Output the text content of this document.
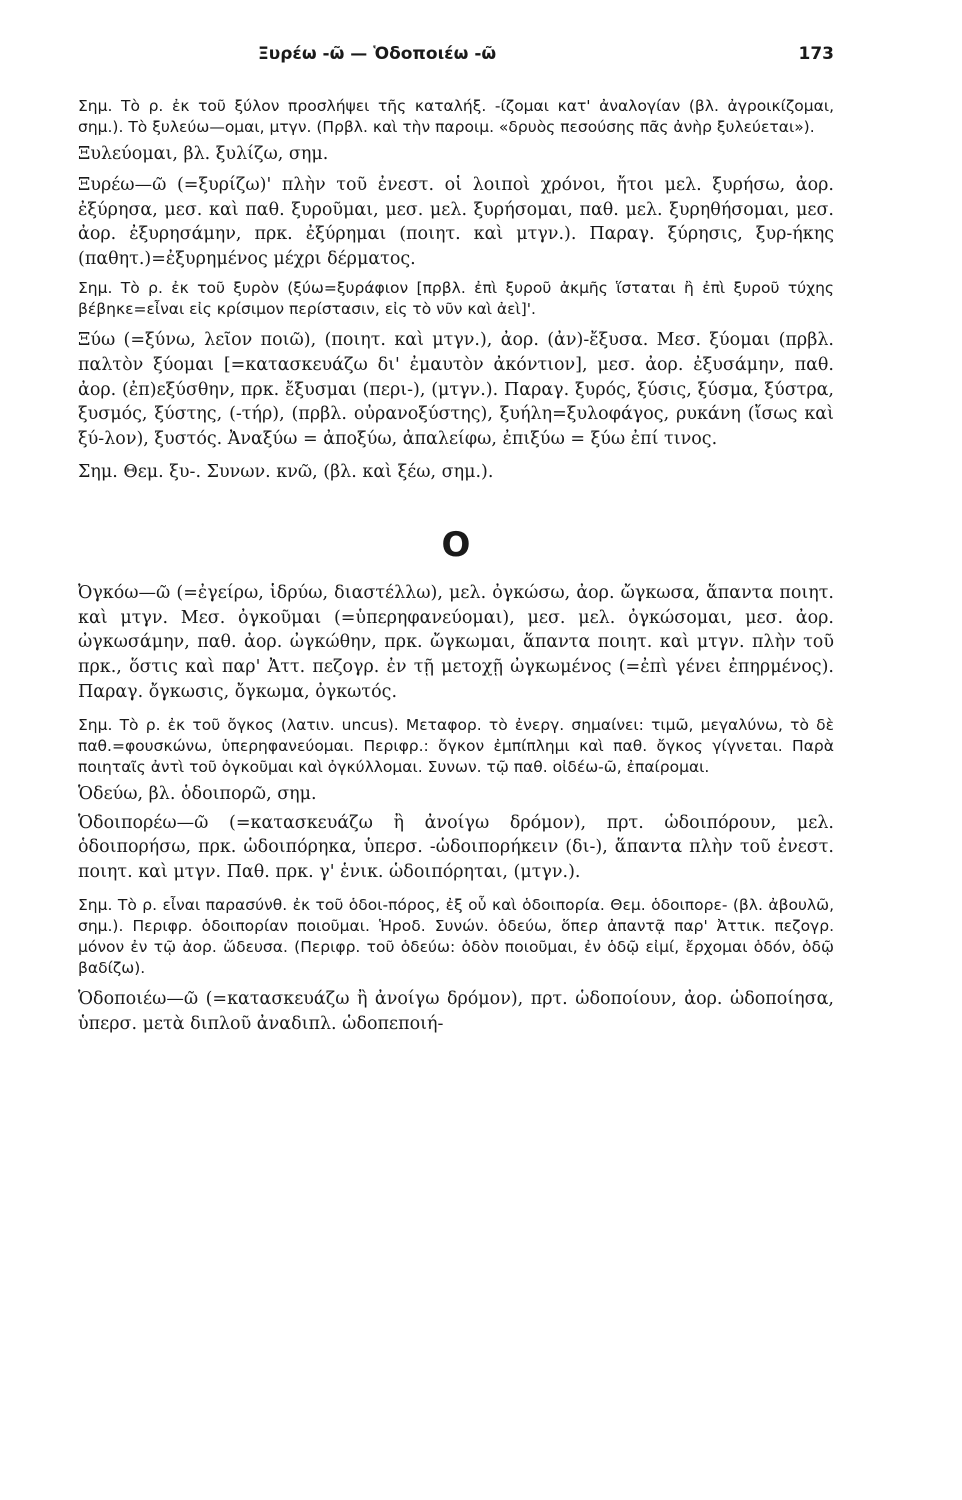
Ξυρέω -ῶ — Ὁδοποιέω -ῶ	173

Σημ. Τὸ ρ. ἐκ τοῦ ξύλον προσλήψει τῆς καταλήξ. -ίζομαι κατ' ἀναλογίαν (βλ. ἀγροικίζομαι, σημ.). Τὸ ξυλεύω—ομαι, μτγν. (Πρβλ. καὶ τὴν παροιμ. «δρυὸς πεσούσης πᾶς ἀνὴρ ξυλεύεται»).

Ξυλεύομαι, βλ. ξυλίζω, σημ.

Ξυρέω—ῶ (=ξυρίζω)' πλὴν τοῦ ἐνεστ. οἱ λοιποὶ χρόνοι, ἤτοι μελ. ξυρήσω, ἀορ. ἐξύρησα, μεσ. καὶ παθ. ξυροῦμαι, μεσ. μελ. ξυρήσομαι, παθ. μελ. ξυρηθήσομαι, μεσ. ἀορ. ἐξυρησάμην, πρκ. ἐξύρημαι (ποιητ. καὶ μτγν.). Παραγ. ξύρησις, ξυρ-ήκης (παθητ.)=ἐξυρημένος μέχρι δέρματος.

Σημ. Τὸ ρ. ἐκ τοῦ ξυρὸν (ξύω=ξυράφιον [πρβλ. ἐπὶ ξυροῦ ἀκμῆς ἵσταται ἢ ἐπὶ ξυροῦ τύχης βέβηκε=εἶναι εἰς κρίσιμον περίστασιν, εἰς τὸ νῦν καὶ ἀεὶ]'.

Ξύω (=ξύνω, λεῖον ποιῶ), (ποιητ. καὶ μτγν.), ἀορ. (ἀν)-ἔξυσα. Μεσ. ξύομαι (πρβλ. παλτὸν ξύομαι [=κατασκευάζω δι' ἐμαυτὸν ἀκόντιον], μεσ. ἀορ. ἐξυσάμην, παθ. ἀορ. (ἐπ)εξύσθην, πρκ. ἔξυσμαι (περι-), (μτγν.). Παραγ. ξυρός, ξύσις, ξύσμα, ξύστρα, ξυσμός, ξύστης, (-τήρ), (πρβλ. οὐρανοξύστης), ξυήλη=ξυλοφάγος, ρυκάνη (ἴσως καὶ ξύ-λον), ξυστός. Ἀναξύω = ἀποξύω, ἀπαλείφω, ἐπιξύω = ξύω ἐπί τινος.

Σημ. Θεμ. ξυ-. Συνων. κνῶ, (βλ. καὶ ξέω, σημ.).

Ο

Ὀγκόω—ῶ (=ἐγείρω, ἱδρύω, διαστέλλω), μελ. ὀγκώσω, ἀορ. ὤγκωσα, ἅπαντα ποιητ. καὶ μτγν. Μεσ. ὀγκοῦμαι (=ὑπερηφανεύομαι), μεσ. μελ. ὀγκώσομαι, μεσ. ἀορ. ὠγκωσάμην, παθ. ἀορ. ὠγκώθην, πρκ. ὤγκωμαι, ἅπαντα ποιητ. καὶ μτγν. πλὴν τοῦ πρκ., ὅστις καὶ παρ' Ἀττ. πεζογρ. ἐν τῇ μετοχῇ ὠγκωμένος (=ἐπὶ γένει ἐπηρμένος). Παραγ. ὄγκωσις, ὄγκωμα, ὀγκωτός.

Σημ. Τὸ ρ. ἐκ τοῦ ὄγκος (λατιν. uncus). Μεταφορ. τὸ ἐνεργ. σημαίνει: τιμῶ, μεγαλύνω, τὸ δὲ παθ.=φουσκώνω, ὑπερηφανεύομαι. Περιφρ.: ὄγκον ἐμπίπλημι καὶ παθ. ὄγκος γίγνεται. Παρὰ ποιηταῖς ἀντὶ τοῦ ὀγκοῦμαι καὶ ὀγκύλλομαι. Συνων. τῷ παθ. οἰδέω-ῶ, ἐπαίρομαι.

Ὁδεύω, βλ. ὁδοιπορῶ, σημ.

Ὁδοιπορέω—ῶ (=κατασκευάζω ἢ ἀνοίγω δρόμον), πρτ. ὡδοιπόρουν, μελ. ὁδοιπορήσω, πρκ. ὡδοιπόρηκα, ὑπερσ. -ὡδοιπορήκειν (δι-), ἅπαντα πλὴν τοῦ ἐνεστ. ποιητ. καὶ μτγν. Παθ. πρκ. γ' ἑνικ. ὡδοιπόρηται, (μτγν.).

Σημ. Τὸ ρ. εἶναι παρασύνθ. ἐκ τοῦ ὁδοι-πόρος, ἐξ οὗ καὶ ὁδοιπορία. Θεμ. ὁδοιπορε- (βλ. ἀβουλῶ, σημ.). Περιφρ. ὁδοιπορίαν ποιοῦμαι. Ἡροδ. Συνών. ὁδεύω, ὅπερ ἀπαντᾷ παρ' Ἀττικ. πεζογρ. μόνον ἐν τῷ ἀορ. ὥδευσα. (Περιφρ. τοῦ ὁδεύω: ὁδὸν ποιοῦμαι, ἐν ὁδῷ εἰμί, ἔρχομαι ὁδόν, ὁδῷ βαδίζω).

Ὁδοποιέω—ῶ (=κατασκευάζω ἢ ἀνοίγω δρόμον), πρτ. ὡδοποίουν, ἀορ. ὡδοποίησα, ὑπερσ. μετὰ διπλοῦ ἀναδιπλ. ὡδοπεποιή-
